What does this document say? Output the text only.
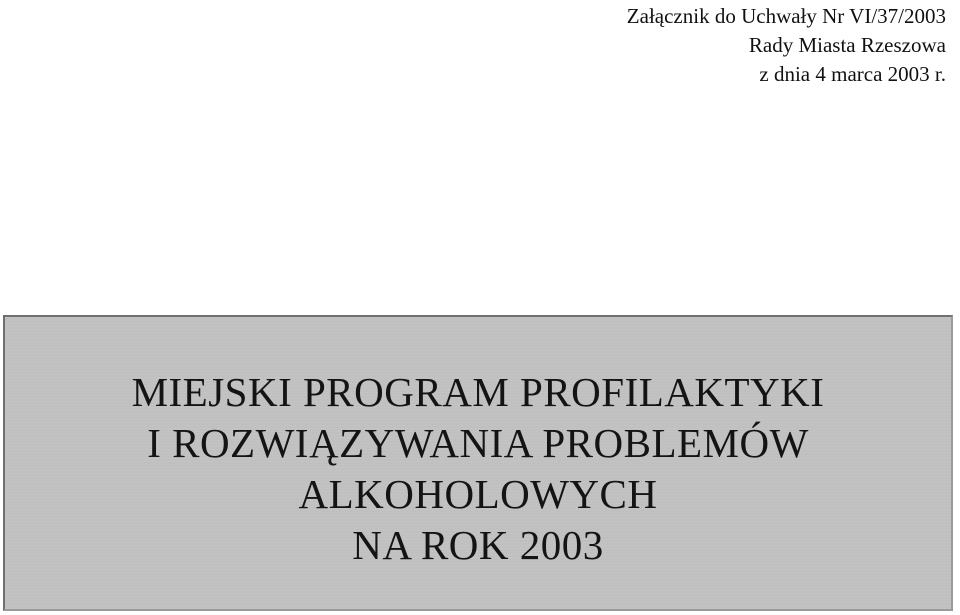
Załącznik do Uchwały Nr VI/37/2003
Rady Miasta Rzeszowa
z dnia 4 marca 2003 r.
MIEJSKI PROGRAM PROFILAKTYKI
I ROZWIĄZYWANIA PROBLEMÓW
ALKOHOLOWYCH
NA ROK 2003
